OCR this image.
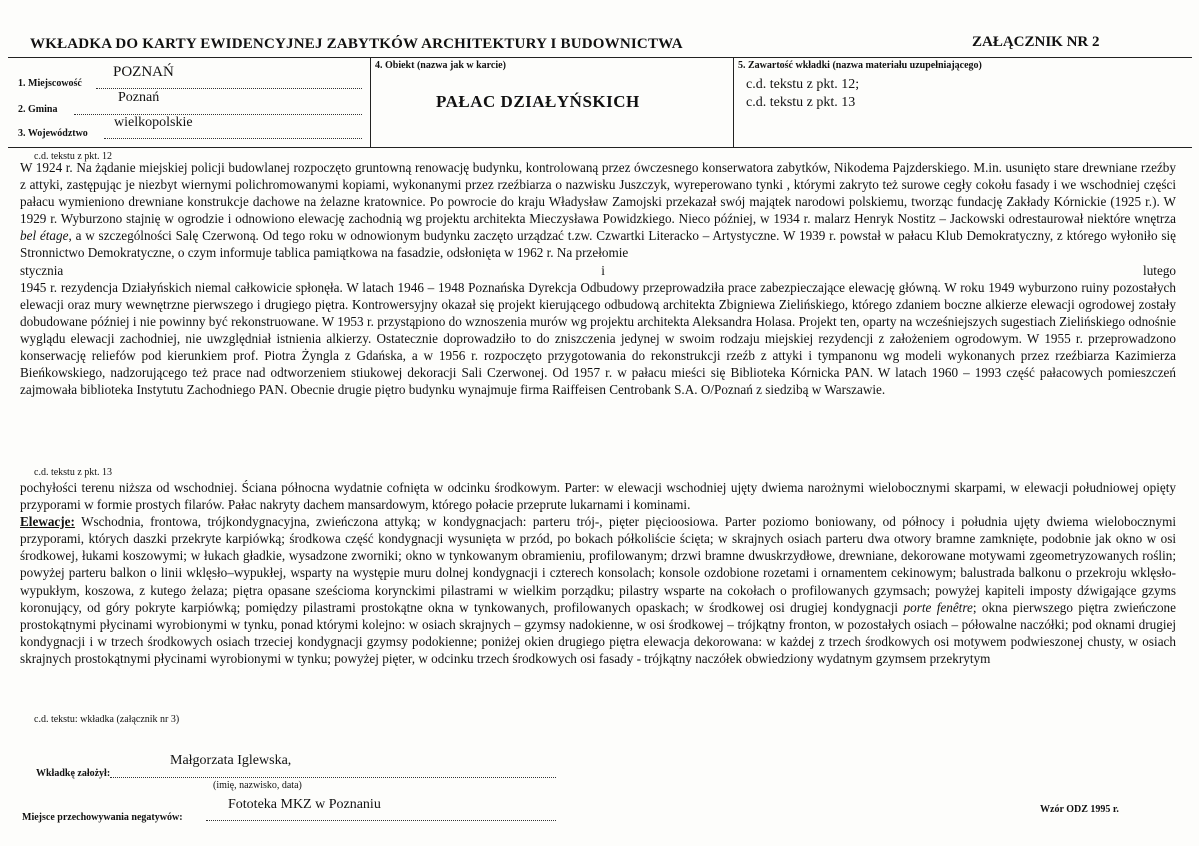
WKŁADKA DO KARTY EWIDENCYJNEJ ZABYTKÓW ARCHITEKTURY I BUDOWNICTWA	ZAŁĄCZNIK NR 2
1. Miejscowość
POZNAŃ
2. Gmina
Poznań
3. Województwo
wielkopolskie
4. Obiekt (nazwa jak w karcie)
PAŁAC DZIAŁYŃSKICH
5. Zawartość wkładki (nazwa materiału uzupełniającego)
c.d. tekstu z pkt. 12;
c.d. tekstu z pkt. 13
c.d. tekstu z pkt. 12

W 1924 r. Na żądanie miejskiej policji budowlanej rozpoczęto gruntowną renowację budynku, kontrolowaną przez ówczesnego konserwatora zabytków, Nikodema Pajzderskiego. M.in. usunięto stare drewniane rzeźby z attyki, zastępując je niezbyt wiernymi polichromowanymi kopiami, wykonanymi przez rzeźbiarza o nazwisku Juszczyk, wyreperowano tynki , którymi zakryto też surowe cegły cokołu fasady i we wschodniej części pałacu wymieniono drewniane konstrukcje dachowe na żelazne kratownice. Po powrocie do kraju Władysław Zamojski przekazał swój majątek narodowi polskiemu, tworząc fundację Zakłady Kórnickie (1925 r.). W 1929 r. Wyburzono stajnię w ogrodzie i odnowiono elewację zachodnią wg projektu architekta Mieczysława Powidzkiego. Nieco później, w 1934 r. malarz Henryk Nostitz – Jackowski odrestaurował niektóre wnętrza bel étage, a w szczególności Salę Czerwoną. Od tego roku w odnowionym budynku zaczęto urządzać t.zw. Czwartki Literacko – Artystyczne. W 1939 r. powstał w pałacu Klub Demokratyczny, z którego wyłoniło się Stronnictwo Demokratyczne, o czym informuje tablica pamiątkowa na fasadzie, odsłonięta w 1962 r. Na przełomie

stycznia	i	lutego

1945 r. rezydencja Działyńskich niemal całkowicie spłonęła. W latach 1946 – 1948 Poznańska Dyrekcja Odbudowy przeprowadziła prace zabezpieczające elewację główną. W roku 1949 wyburzono ruiny pozostałych elewacji oraz mury wewnętrzne pierwszego i drugiego piętra. Kontrowersyjny okazał się projekt kierującego odbudową architekta Zbigniewa Zielińskiego, którego zdaniem boczne alkierze elewacji ogrodowej zostały dobudowane później i nie powinny być rekonstruowane. W 1953 r. przystąpiono do wznoszenia murów wg projektu architekta Aleksandra Holasa. Projekt ten, oparty na wcześniejszych sugestiach Zielińskiego odnośnie wyglądu elewacji zachodniej, nie uwzględniał istnienia alkierzy. Ostatecznie doprowadziło to do zniszczenia jedynej w swoim rodzaju miejskiej rezydencji z założeniem ogrodowym. W 1955 r. przeprowadzono konserwację reliefów pod kierunkiem prof. Piotra Żyngla z Gdańska, a w 1956 r. rozpoczęto przygotowania do rekonstrukcji rzeźb z attyki i tympanonu wg modeli wykonanych przez rzeźbiarza Kazimierza Bieńkowskiego, nadzorującego też prace nad odtworzeniem stiukowej dekoracji Sali Czerwonej. Od 1957 r. w pałacu mieści się Biblioteka Kórnicka PAN. W latach 1960 – 1993 część pałacowych pomieszczeń zajmowała biblioteka Instytutu Zachodniego PAN. Obecnie drugie piętro budynku wynajmuje firma Raiffeisen Centrobank S.A. O/Poznań z siedzibą w Warszawie.

c.d. tekstu z pkt. 13

pochyłości terenu niższa od wschodniej. Ściana północna wydatnie cofnięta w odcinku środkowym. Parter: w elewacji wschodniej ujęty dwiema narożnymi wielobocznymi skarpami, w elewacji południowej opięty przyporami w formie prostych filarów. Pałac nakryty dachem mansardowym, którego połacie przeprute lukarnami i kominami.

Elewacje: Wschodnia, frontowa, trójkondygnacyjna, zwieńczona attyką; w kondygnacjach: parteru trój-, pięter pięcioosiowa. Parter poziomo boniowany, od północy i południa ujęty dwiema wielobocznymi przyporami, których daszki przekryte karpiówką; środkowa część kondygnacji wysunięta w przód, po bokach półkoliście ścięta; w skrajnych osiach parteru dwa otwory bramne zamknięte, podobnie jak okno w osi środkowej, łukami koszowymi; w łukach gładkie, wysadzone zworniki; okno w tynkowanym obramieniu, profilowanym; drzwi bramne dwuskrzydłowe, drewniane, dekorowane motywami zgeometryzowanych roślin; powyżej parteru balkon o linii wklęsło–wypukłej, wsparty na występie muru dolnej kondygnacji i czterech konsolach; konsole ozdobione rozetami i ornamentem cekinowym; balustrada balkonu o przekroju wklęsło-wypukłym, koszowa, z kutego żelaza; piętra opasane sześcioma korynckimi pilastrami w wielkim porządku; pilastry wsparte na cokołach o profilowanych gzymsach; powyżej kapiteli imposty dźwigające gzyms koronujący, od góry pokryte karpiówką; pomiędzy pilastrami prostokątne okna w tynkowanych, profilowanych opaskach; w środkowej osi drugiej kondygnacji porte fenêtre; okna pierwszego piętra zwieńczone prostokątnymi płycinami wyrobionymi w tynku, ponad którymi kolejno: w osiach skrajnych – gzymsy nadokienne, w osi środkowej – trójkątny fronton, w pozostałych osiach – półowalne naczółki; pod oknami drugiej kondygnacji i w trzech środkowych osiach trzeciej kondygnacji gzymsy podokienne; poniżej okien drugiego piętra elewacja dekorowana: w każdej z trzech środkowych osi motywem podwieszonej chusty, w osiach skrajnych prostokątnymi płycinami wyrobionymi w tynku; powyżej pięter, w odcinku trzech środkowych osi fasady - trójkątny naczółek obwiedziony wydatnym gzymsem przekrytym

c.d. tekstu: wkładka (załącznik nr 3)
Wkładkę założył:
Małgorzata Iglewska,
(imię, nazwisko, data)
Miejsce przechowywania negatywów:
Fototeka MKZ w Poznaniu	Wzór ODZ 1995 r.
